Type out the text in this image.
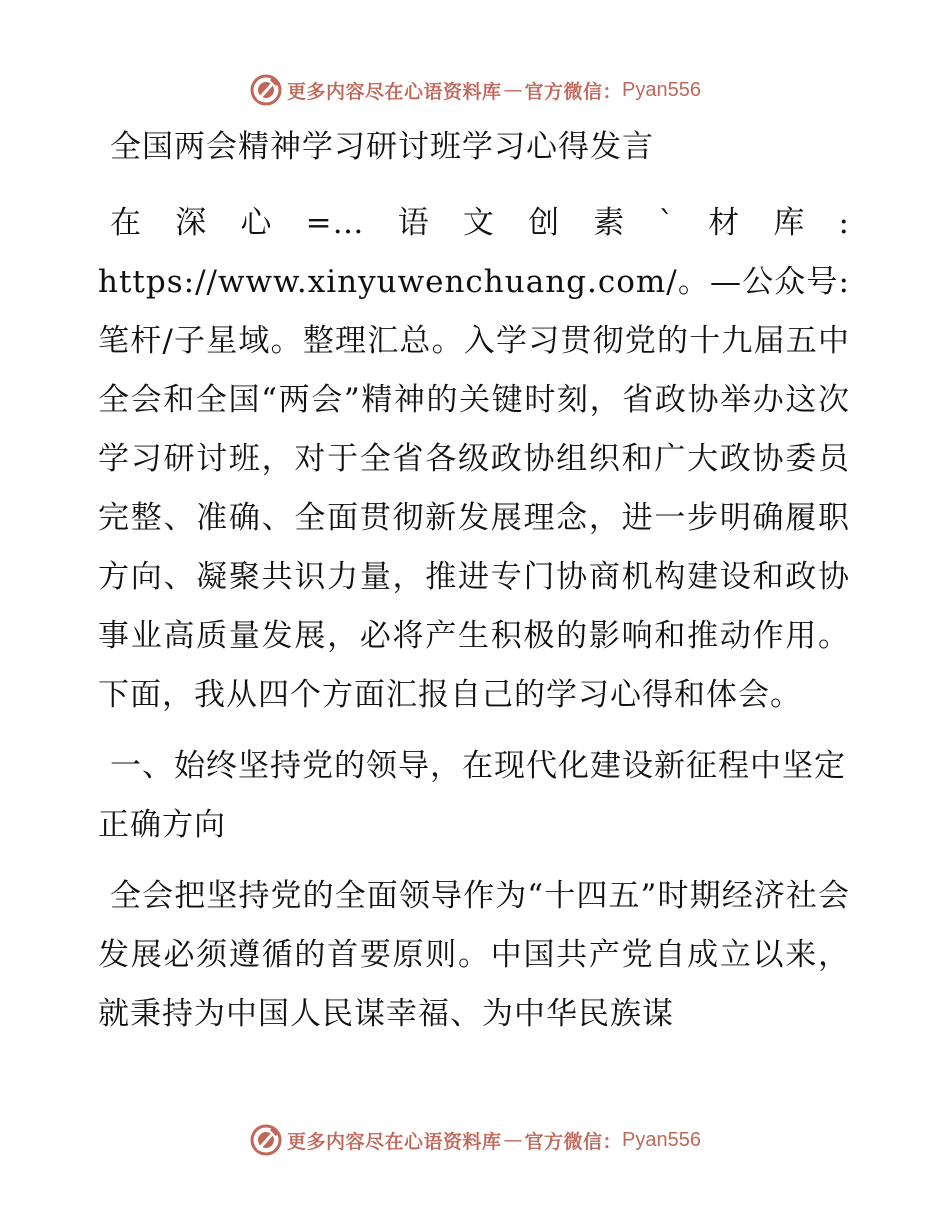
更多内容尽在心语资料库 — 官方微信： Pyan556
全国两会精神学习研讨班学习心得发言

在深心=…语文创素`材库: https://www.xinyuwenchuang.com/。—公众号: 笔杆/子星域。整理汇总。入学习贯彻党的十九届五中全会和全国“两会”精神的关键时刻，省政协举办这次学习研讨班，对于全省各级政协组织和广大政协委员完整、准确、全面贯彻新发展理念，进一步明确履职方向、凝聚共识力量，推进专门协商机构建设和政协事业高质量发展，必将产生积极的影响和推动作用。下面，我从四个方面汇报自己的学习心得和体会。

一、始终坚持党的领导，在现代化建设新征程中坚定正确方向

全会把坚持党的全面领导作为“十四五”时期经济社会发展必须遵循的首要原则。中国共产党自成立以来，就秉持为中国人民谋幸福、为中华民族谋

更多内容尽在心语资料库 — 官方微信： Pyan556
